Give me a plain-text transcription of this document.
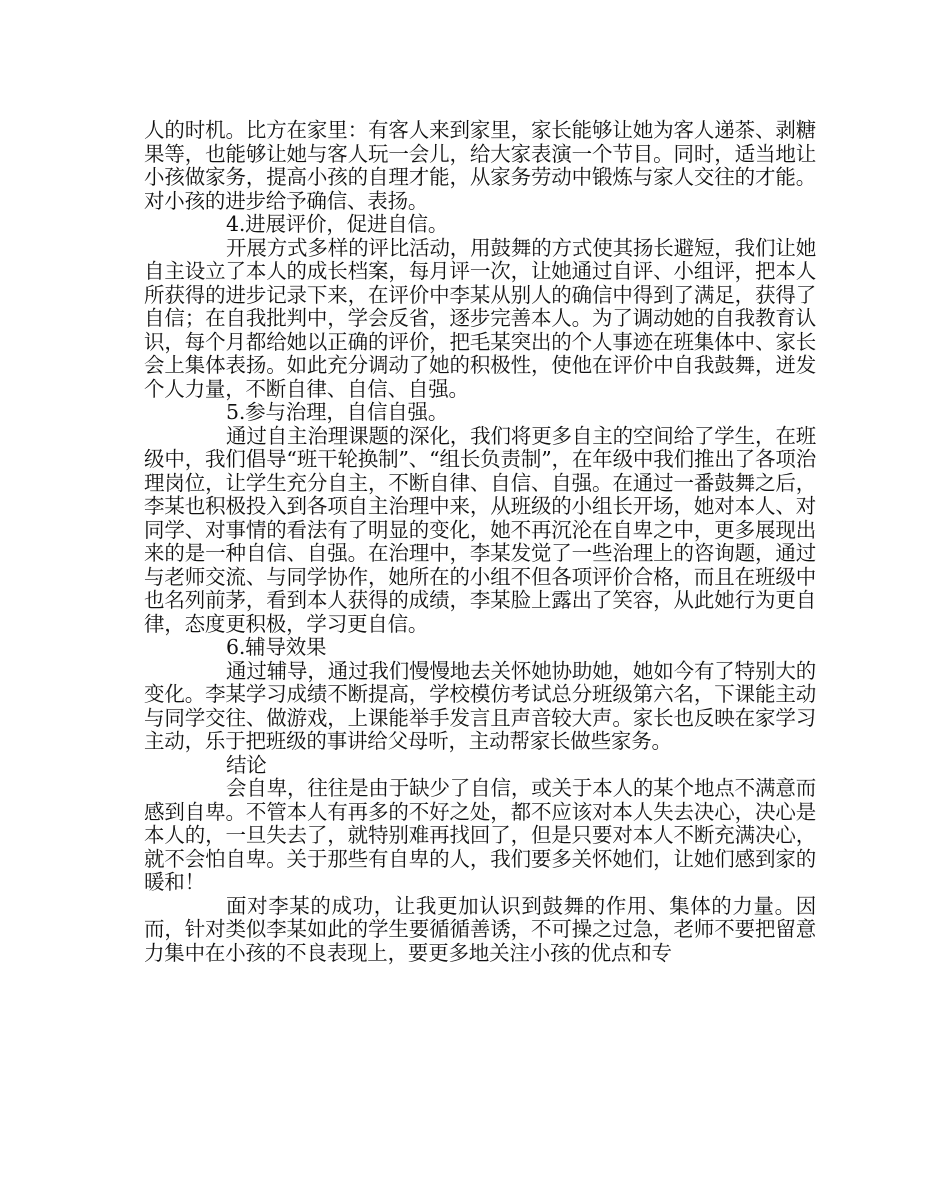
人的时机。比方在家里：有客人来到家里，家长能够让她为客人递茶、剥糖果等，也能够让她与客人玩一会儿，给大家表演一个节目。同时，适当地让小孩做家务，提高小孩的自理才能，从家务劳动中锻炼与家人交往的才能。对小孩的进步给予确信、表扬。

4.进展评价，促进自信。

开展方式多样的评比活动，用鼓舞的方式使其扬长避短，我们让她自主设立了本人的成长档案，每月评一次，让她通过自评、小组评，把本人所获得的进步记录下来，在评价中李某从别人的确信中得到了满足，获得了自信；在自我批判中，学会反省，逐步完善本人。为了调动她的自我教育认识，每个月都给她以正确的评价，把毛某突出的个人事迹在班集体中、家长会上集体表扬。如此充分调动了她的积极性，使他在评价中自我鼓舞，迸发个人力量，不断自律、自信、自强。

5.参与治理，自信自强。

通过自主治理课题的深化，我们将更多自主的空间给了学生，在班级中，我们倡导“班干轮换制”、“组长负责制”，在年级中我们推出了各项治理岗位，让学生充分自主，不断自律、自信、自强。在通过一番鼓舞之后，李某也积极投入到各项自主治理中来，从班级的小组长开场，她对本人、对同学、对事情的看法有了明显的变化，她不再沉沦在自卑之中，更多展现出来的是一种自信、自强。在治理中，李某发觉了一些治理上的咨询题，通过与老师交流、与同学协作，她所在的小组不但各项评价合格，而且在班级中也名列前茅，看到本人获得的成绩，李某脸上露出了笑容，从此她行为更自律，态度更积极，学习更自信。

6.辅导效果

通过辅导，通过我们慢慢地去关怀她协助她，她如今有了特别大的变化。李某学习成绩不断提高，学校模仿考试总分班级第六名，下课能主动与同学交往、做游戏，上课能举手发言且声音较大声。家长也反映在家学习主动，乐于把班级的事讲给父母听，主动帮家长做些家务。

结论

会自卑，往往是由于缺少了自信，或关于本人的某个地点不满意而感到自卑。不管本人有再多的不好之处，都不应该对本人失去决心，决心是本人的，一旦失去了，就特别难再找回了，但是只要对本人不断充满决心，就不会怕自卑。关于那些有自卑的人，我们要多关怀她们，让她们感到家的暖和！

面对李某的成功，让我更加认识到鼓舞的作用、集体的力量。因而，针对类似李某如此的学生要循循善诱，不可操之过急，老师不要把留意力集中在小孩的不良表现上，要更多地关注小孩的优点和专
